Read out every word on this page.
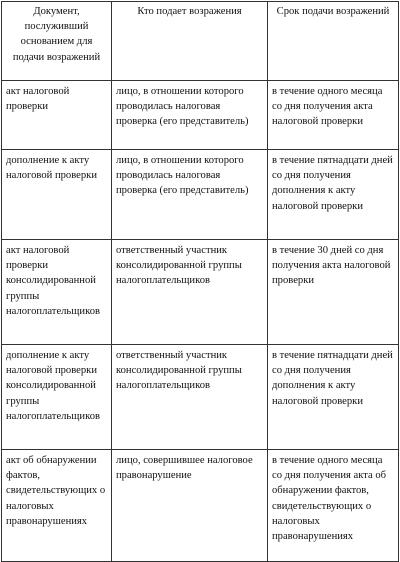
Документ, послуживший основанием для подачи возражений	Кто подает возражения	Срок подачи возражений

акт налоговой проверки	лицо, в отношении которого проводилась налоговая проверка (его представитель)	в течение одного месяца со дня получения акта налоговой проверки

дополнение к акту налоговой проверки	лицо, в отношении которого проводилась налоговая проверка (его представитель)	в течение пятнадцати дней со дня получения дополнения к акту налоговой проверки

акт налоговой проверки консолидированной группы налогоплательщиков	ответственный участник консолидированной группы налогоплательщиков	в течение 30 дней со дня получения акта налоговой проверки

дополнение к акту налоговой проверки консолидированной группы налогоплательщиков	ответственный участник консолидированной группы налогоплательщиков	в течение пятнадцати дней со дня получения дополнения к акту налоговой проверки

акт об обнаружении фактов, свидетельствующих о налоговых правонарушениях	лицо, совершившее налоговое правонарушение	в течение одного месяца со дня получения акта об обнаружении фактов, свидетельствующих о налоговых правонарушениях
